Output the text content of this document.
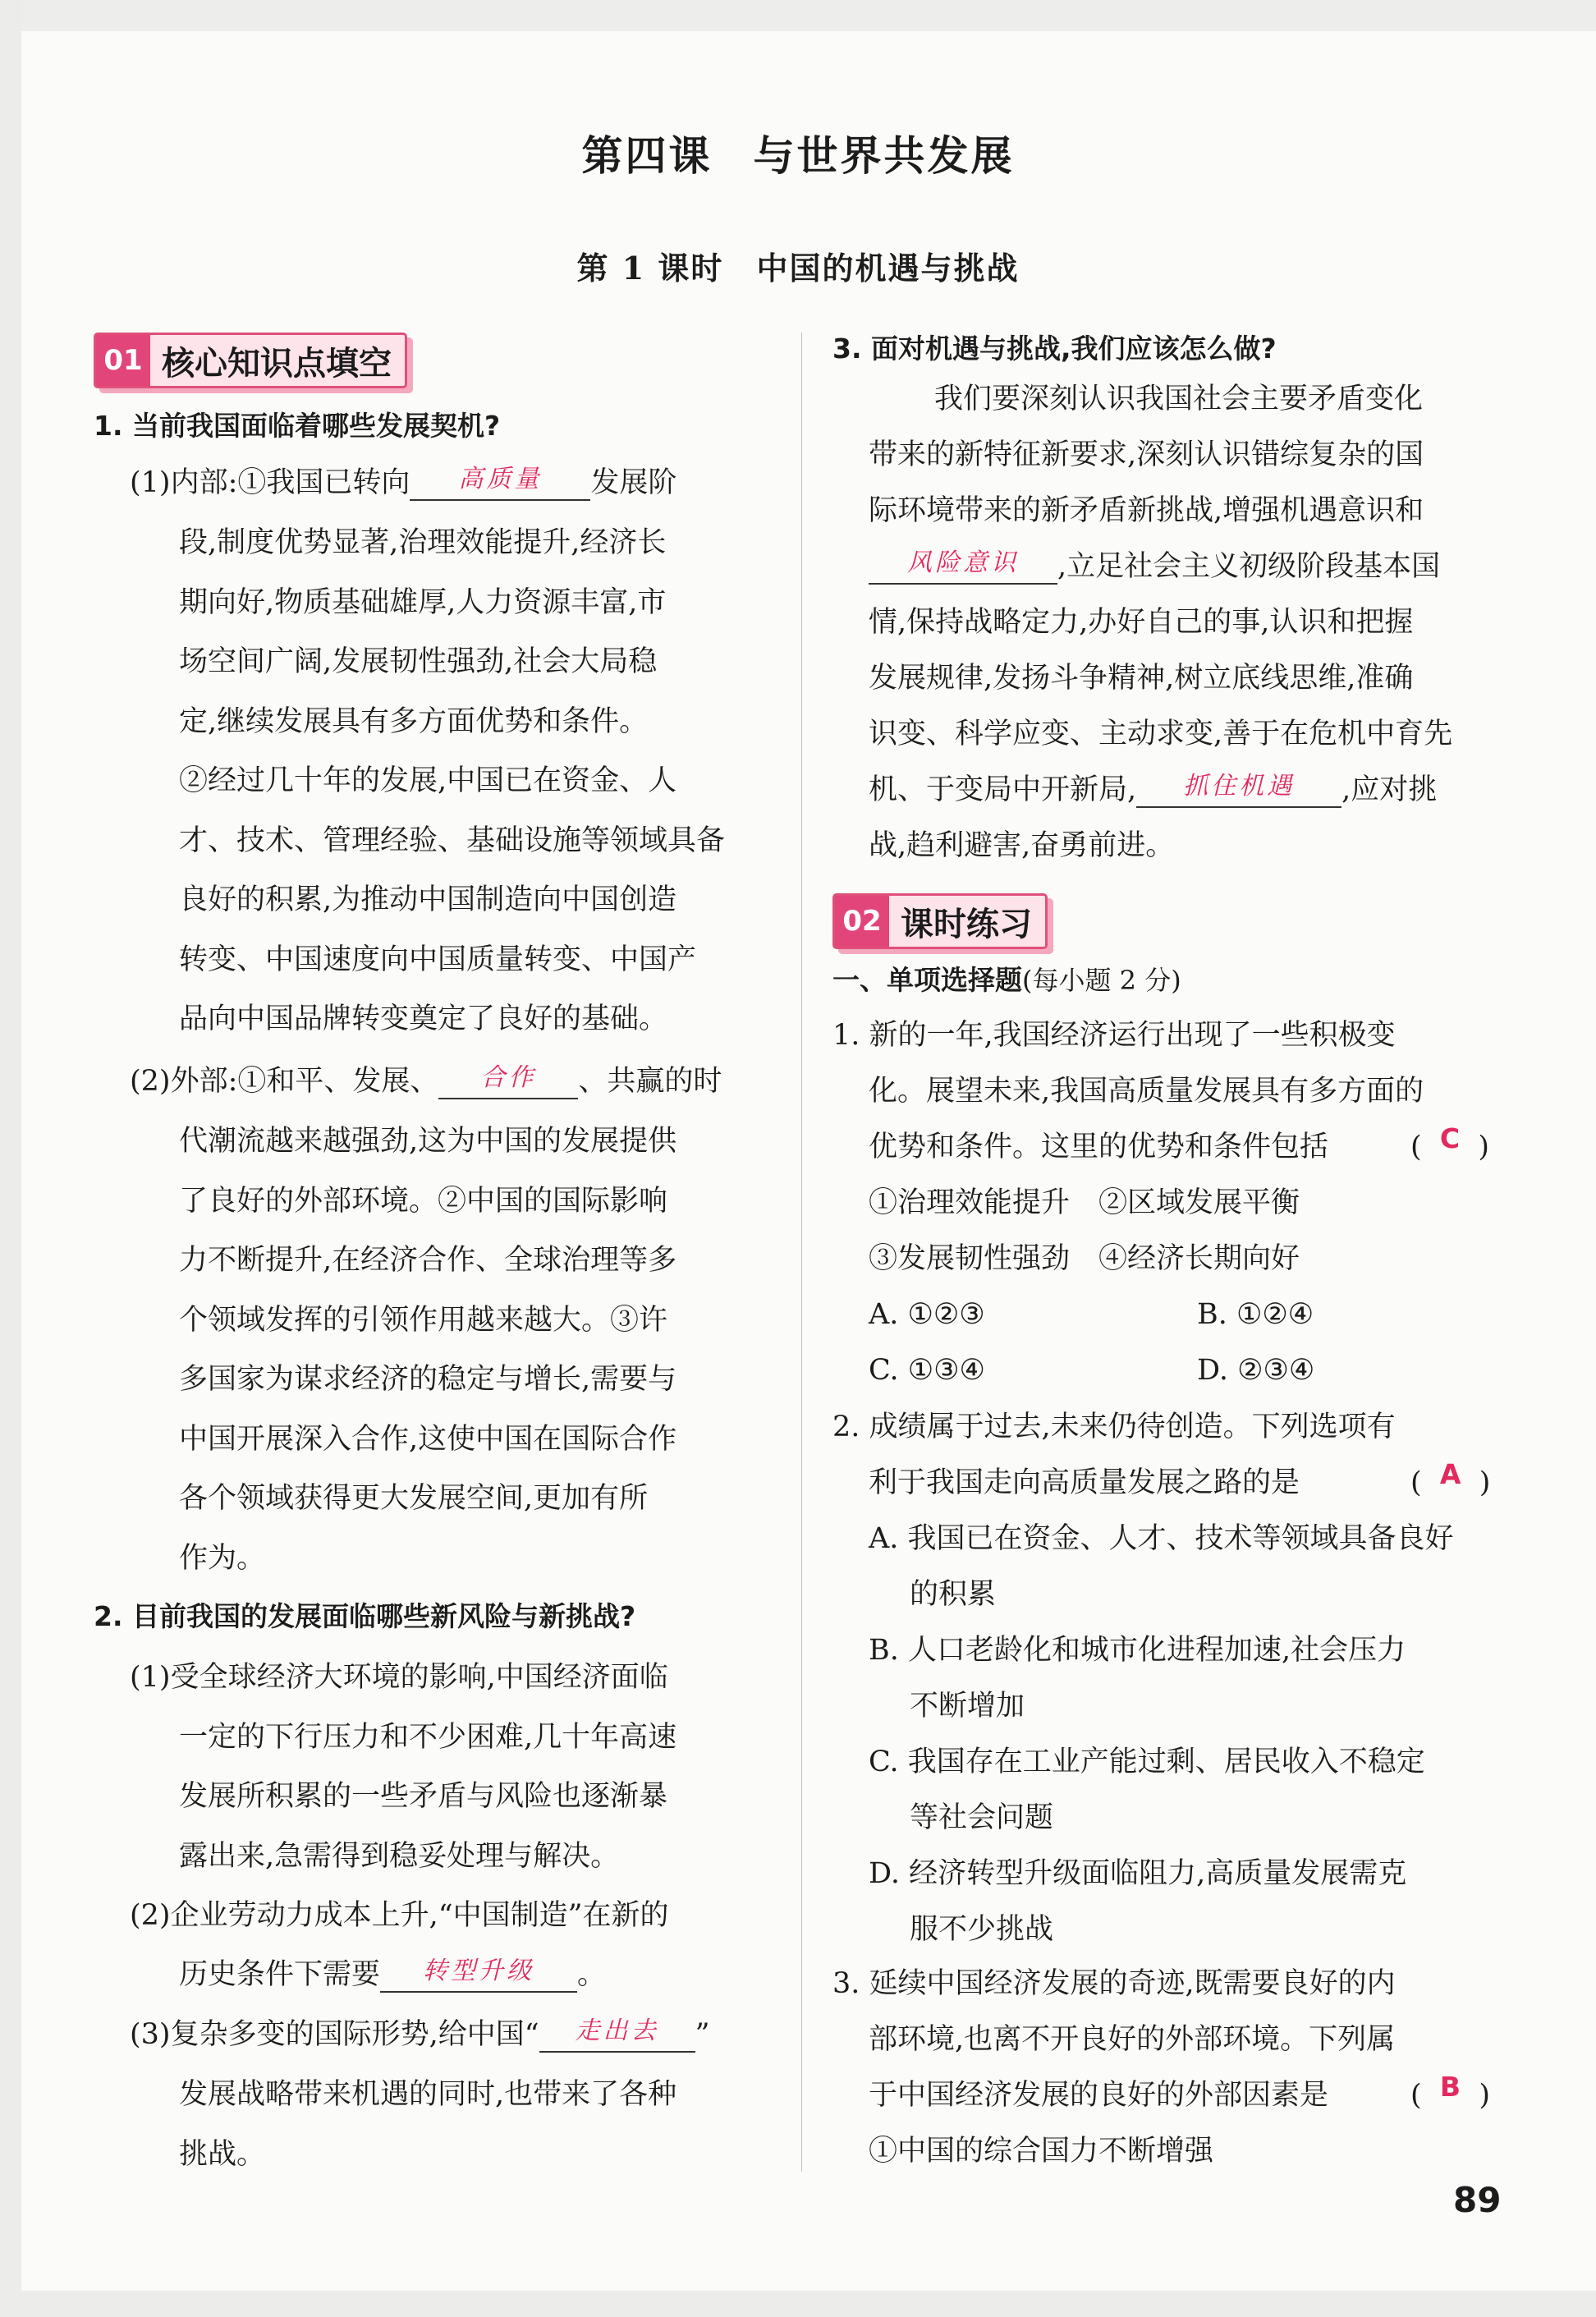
第四课 与世界共发展
第 1 课时 中国的机遇与挑战
01 核心知识点填空
1. 当前我国面临着哪些发展契机?
(1)内部:①我国已转向 高质量 发展阶
段,制度优势显著,治理效能提升,经济长
期向好,物质基础雄厚,人力资源丰富,市
场空间广阔,发展韧性强劲,社会大局稳
定,继续发展具有多方面优势和条件。
②经过几十年的发展,中国已在资金、人
才、技术、管理经验、基础设施等领域具备
良好的积累,为推动中国制造向中国创造
转变、中国速度向中国质量转变、中国产
品向中国品牌转变奠定了良好的基础。
(2)外部:①和平、发展、 合作 、共赢的时
代潮流越来越强劲,这为中国的发展提供
了良好的外部环境。②中国的国际影响
力不断提升,在经济合作、全球治理等多
个领域发挥的引领作用越来越大。③许
多国家为谋求经济的稳定与增长,需要与
中国开展深入合作,这使中国在国际合作
各个领域获得更大发展空间,更加有所
作为。
2. 目前我国的发展面临哪些新风险与新挑战?
(1)受全球经济大环境的影响,中国经济面临
一定的下行压力和不少困难,几十年高速
发展所积累的一些矛盾与风险也逐渐暴
露出来,急需得到稳妥处理与解决。
(2)企业劳动力成本上升,“中国制造”在新的
历史条件下需要 转型升级 。
(3)复杂多变的国际形势,给中国“ 走出去 ”
发展战略带来机遇的同时,也带来了各种
挑战。
3. 面对机遇与挑战,我们应该怎么做?
我们要深刻认识我国社会主要矛盾变化
带来的新特征新要求,深刻认识错综复杂的国
际环境带来的新矛盾新挑战,增强机遇意识和
风险意识 ,立足社会主义初级阶段基本国
情,保持战略定力,办好自己的事,认识和把握
发展规律,发扬斗争精神,树立底线思维,准确
识变、科学应变、主动求变,善于在危机中育先
机、于变局中开新局, 抓住机遇 ,应对挑
战,趋利避害,奋勇前进。
02 课时练习
一、单项选择题(每小题 2 分)
1. 新的一年,我国经济运行出现了一些积极变
化。展望未来,我国高质量发展具有多方面的
优势和条件。这里的优势和条件包括	(  C  )
①治理效能提升　②区域发展平衡
③发展韧性强劲　④经济长期向好
A. ①②③	B. ①②④
C. ①③④	D. ②③④
2. 成绩属于过去,未来仍待创造。下列选项有
利于我国走向高质量发展之路的是	(  A  )
A. 我国已在资金、人才、技术等领域具备良好
的积累
B. 人口老龄化和城市化进程加速,社会压力
不断增加
C. 我国存在工业产能过剩、居民收入不稳定
等社会问题
D. 经济转型升级面临阻力,高质量发展需克
服不少挑战
3. 延续中国经济发展的奇迹,既需要良好的内
部环境,也离不开良好的外部环境。下列属
于中国经济发展的良好的外部因素是	(  B  )
①中国的综合国力不断增强
89
